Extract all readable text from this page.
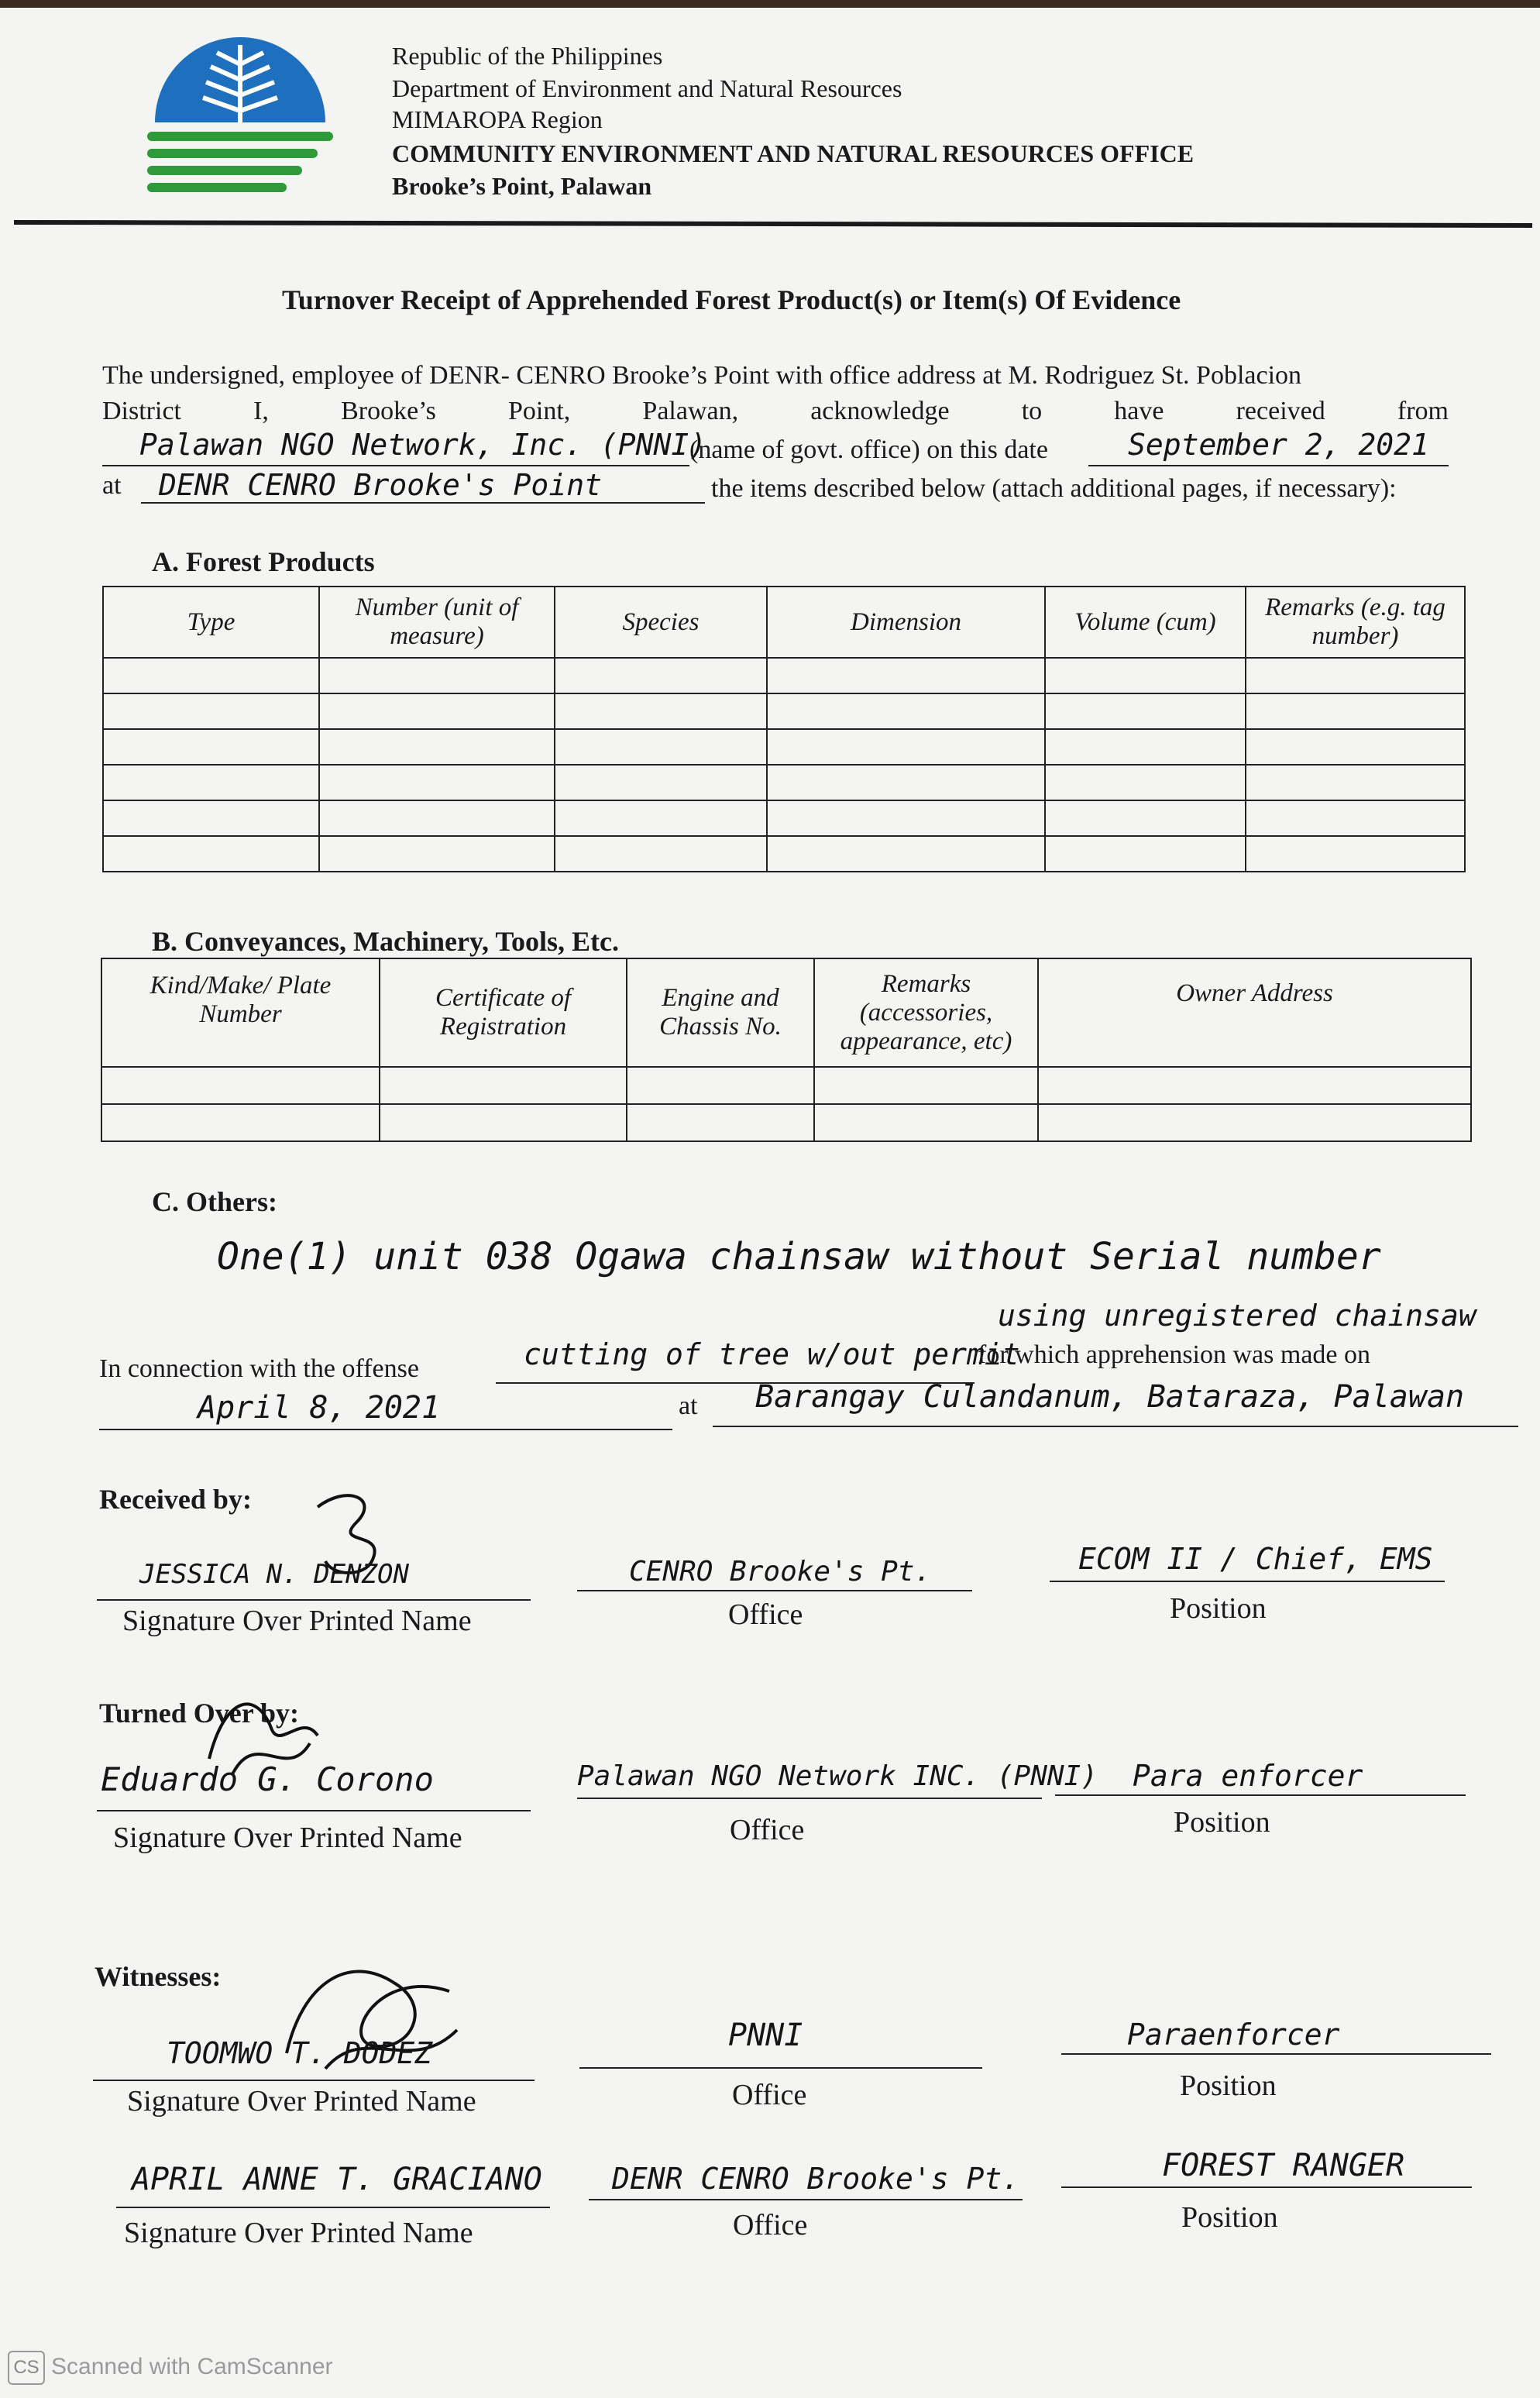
Republic of the Philippines
Department of Environment and Natural Resources
MIMAROPA Region
COMMUNITY ENVIRONMENT AND NATURAL RESOURCES OFFICE
Brooke’s Point, Palawan
Turnover Receipt of Apprehended Forest Product(s) or Item(s) Of Evidence
The undersigned, employee of DENR- CENRO Brooke’s Point with office address at M. Rodriguez St. Poblacion
District	I,	Brooke’s	Point,	Palawan,	acknowledge	to	have	received	from
Palawan NGO Network, Inc. (PNNI)
(name of govt. office) on this date	September 2, 2021
at DENR CENRO Brooke's Point	the items described below (attach additional pages, if necessary):
A. Forest Products
Type	Number (unit of measure)	Species	Dimension	Volume (cum)	Remarks (e.g. tag number)

B. Conveyances, Machinery, Tools, Etc.
Kind/Make/ Plate Number	Certificate of Registration	Engine and Chassis No.	Remarks (accessories, appearance, etc)	Owner Address

C. Others:
One(1) unit 038 Ogawa chainsaw without Serial number
using unregistered chainsaw
In connection with the offense	cutting of tree w/out permit
for which apprehension was made on
April 8, 2021	at Barangay Culandanum, Bataraza, Palawan
Received by:
JESSICA N. DENZON
Signature Over Printed Name
CENRO Brooke's Pt.
Office
ECOM II / Chief, EMS
Position
Turned Over by:
Eduardo G. Corono
Signature Over Printed Name
Palawan NGO Network INC. (PNNI)
Office
Para enforcer
Position
Witnesses:
TOOMWO T. DODEZ
Signature Over Printed Name
PNNI
Office
Paraenforcer
Position
APRIL ANNE T. GRACIANO
Signature Over Printed Name
DENR CENRO Brooke's Pt.
Office
FOREST RANGER
Position
CS Scanned with CamScanner
